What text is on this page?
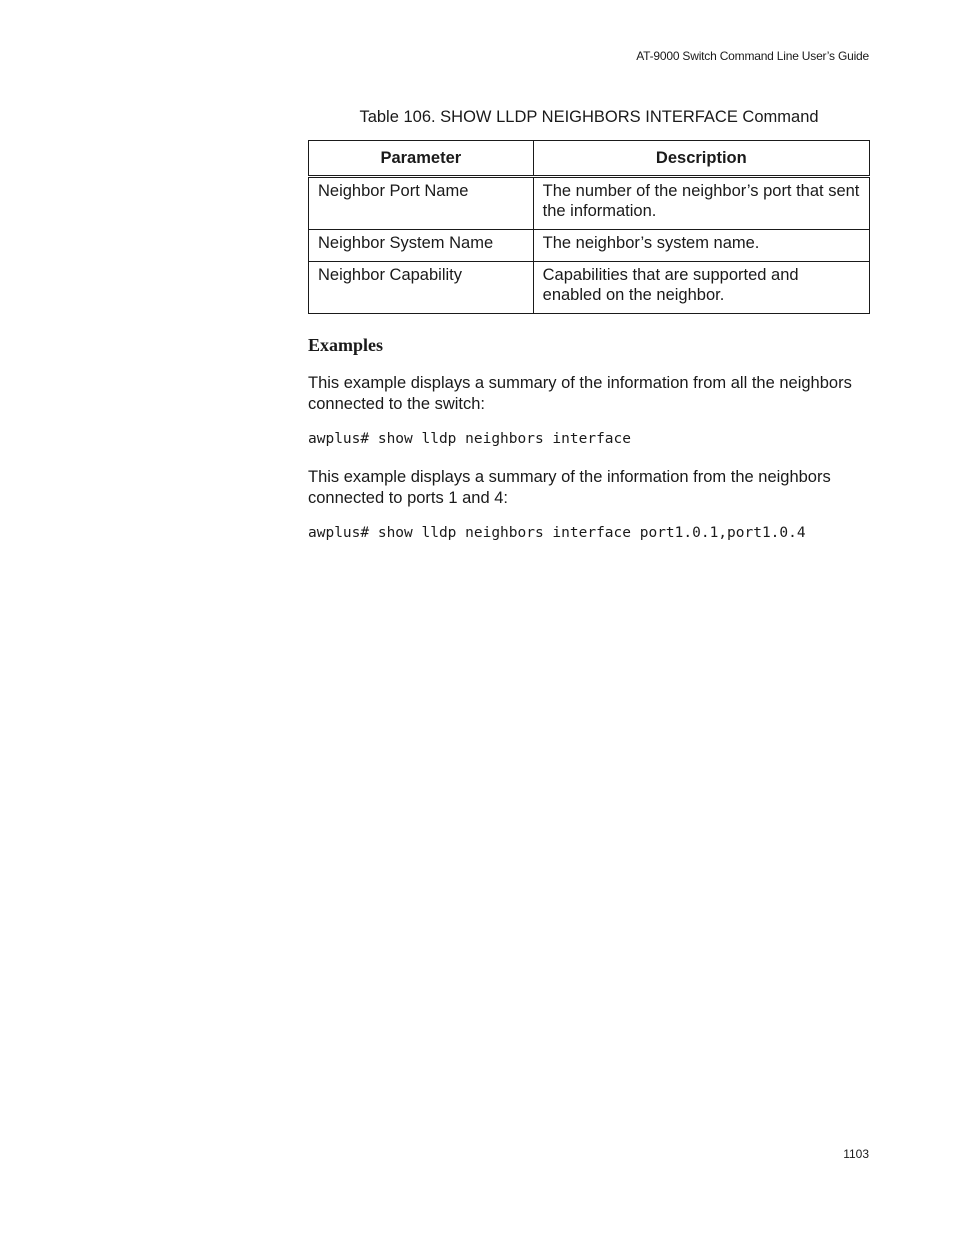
AT-9000 Switch Command Line User’s Guide
Table 106. SHOW LLDP NEIGHBORS INTERFACE Command
Parameter	Description
Neighbor Port Name	The number of the neighbor’s port that sent the information.
Neighbor System Name	The neighbor’s system name.
Neighbor Capability	Capabilities that are supported and enabled on the neighbor.
Examples
This example displays a summary of the information from all the neighbors connected to the switch:
awplus# show lldp neighbors interface
This example displays a summary of the information from the neighbors connected to ports 1 and 4:
awplus# show lldp neighbors interface port1.0.1,port1.0.4
1103
